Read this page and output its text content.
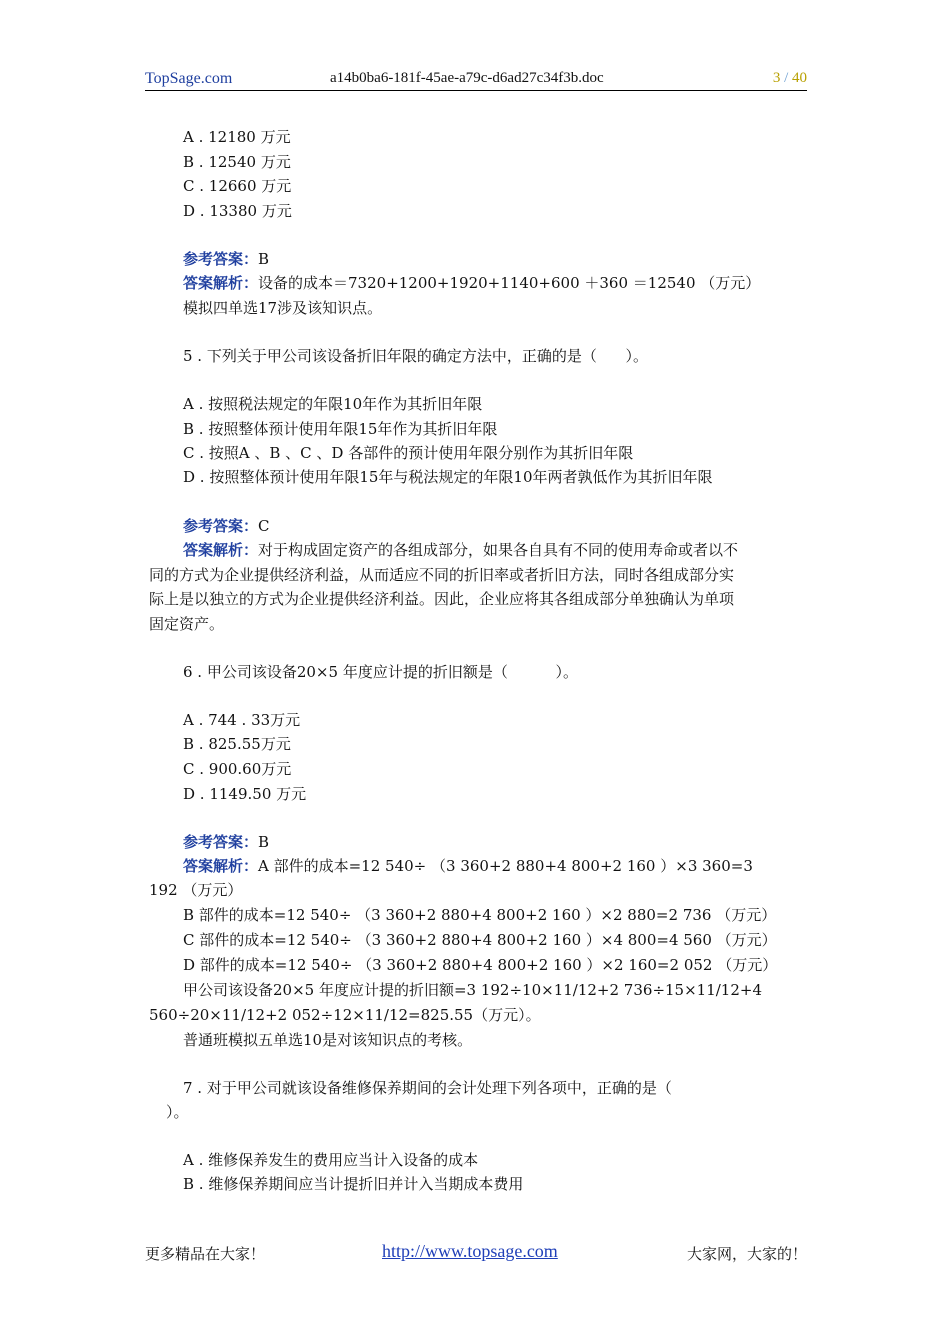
TopSage.com	a14b0ba6-181f-45ae-a79c-d6ad27c34f3b.doc	3 / 40
A . 12180 万元
B . 12540 万元
C . 12660 万元
D . 13380 万元
参考答案：B
答案解析：设备的成本＝7320+1200+1920+1140+600 ＋360 ＝12540 （万元）
模拟四单选17涉及该知识点。
5 . 下列关于甲公司该设备折旧年限的确定方法中，正确的是（      ）。
A . 按照税法规定的年限10年作为其折旧年限
B . 按照整体预计使用年限15年作为其折旧年限
C . 按照A 、B 、C 、D 各部件的预计使用年限分别作为其折旧年限
D . 按照整体预计使用年限15年与税法规定的年限10年两者孰低作为其折旧年限
参考答案：C
答案解析：对于构成固定资产的各组成部分，如果各自具有不同的使用寿命或者以不
同的方式为企业提供经济利益，从而适应不同的折旧率或者折旧方法，同时各组成部分实
际上是以独立的方式为企业提供经济利益。因此，企业应将其各组成部分单独确认为单项
固定资产。
6 . 甲公司该设备20×5 年度应计提的折旧额是（          ）。
A . 744 . 33万元
B . 825.55万元
C . 900.60万元
D . 1149.50 万元
参考答案：B
答案解析：A 部件的成本=12 540÷ （3 360+2 880+4 800+2 160 ）×3 360=3
192 （万元）
B 部件的成本=12 540÷ （3 360+2 880+4 800+2 160 ）×2 880=2 736 （万元）
C 部件的成本=12 540÷ （3 360+2 880+4 800+2 160 ）×4 800=4 560 （万元）
D 部件的成本=12 540÷ （3 360+2 880+4 800+2 160 ）×2 160=2 052 （万元）
甲公司该设备20×5 年度应计提的折旧额=3 192÷10×11/12+2 736÷15×11/12+4
560÷20×11/12+2 052÷12×11/12=825.55（万元）。
普通班模拟五单选10是对该知识点的考核。
7 . 对于甲公司就该设备维修保养期间的会计处理下列各项中，正确的是（
）。
A . 维修保养发生的费用应当计入设备的成本
B . 维修保养期间应当计提折旧并计入当期成本费用
更多精品在大家！	http://www.topsage.com	大家网，大家的！
